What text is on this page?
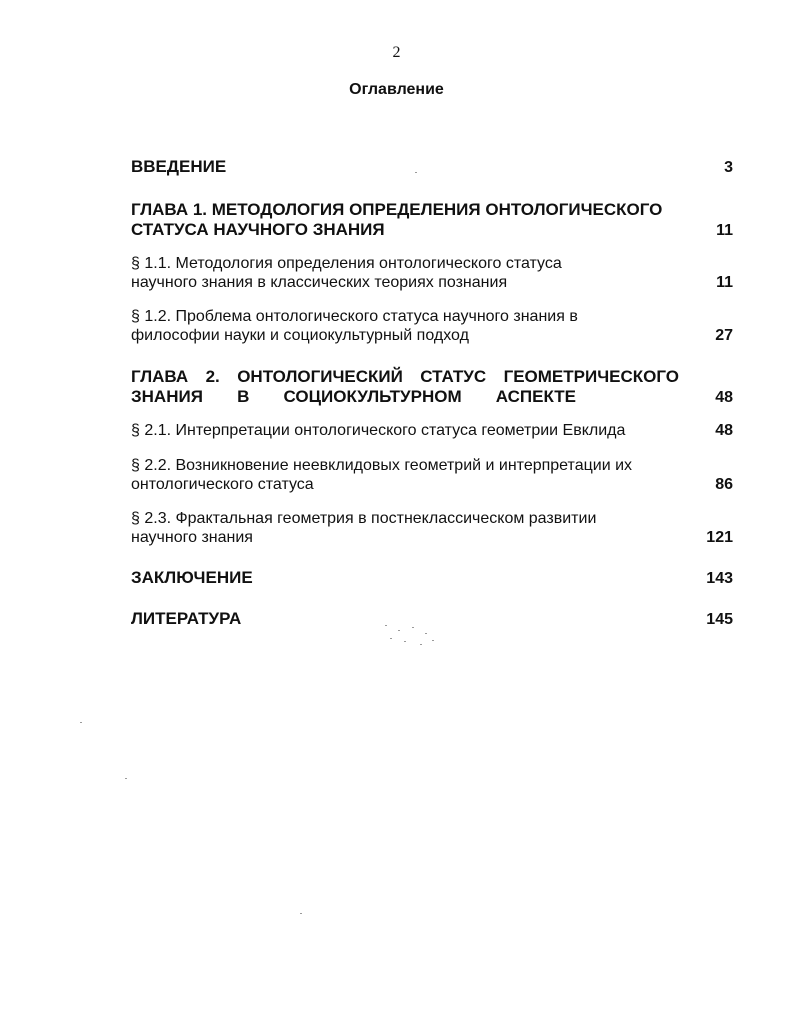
2
Оглавление
ВВЕДЕНИЕ	3
ГЛАВА 1. МЕТОДОЛОГИЯ ОПРЕДЕЛЕНИЯ ОНТОЛОГИЧЕСКОГО
СТАТУСА НАУЧНОГО ЗНАНИЯ	11
§ 1.1. Методология определения онтологического статуса
научного знания в классических теориях познания	11
§ 1.2. Проблема онтологического статуса научного знания в
философии науки и социокультурный подход	27
ГЛАВА 2. ОНТОЛОГИЧЕСКИЙ СТАТУС ГЕОМЕТРИЧЕСКОГО
ЗНАНИЯ В СОЦИОКУЛЬТУРНОМ АСПЕКТЕ	48
§ 2.1. Интерпретации онтологического статуса геометрии Евклида	48
§ 2.2. Возникновение неевклидовых геометрий и интерпретации их
онтологического статуса	86
§ 2.3. Фрактальная геометрия в постнеклассическом развитии
научного знания	121
ЗАКЛЮЧЕНИЕ	143
ЛИТЕРАТУРА	145
